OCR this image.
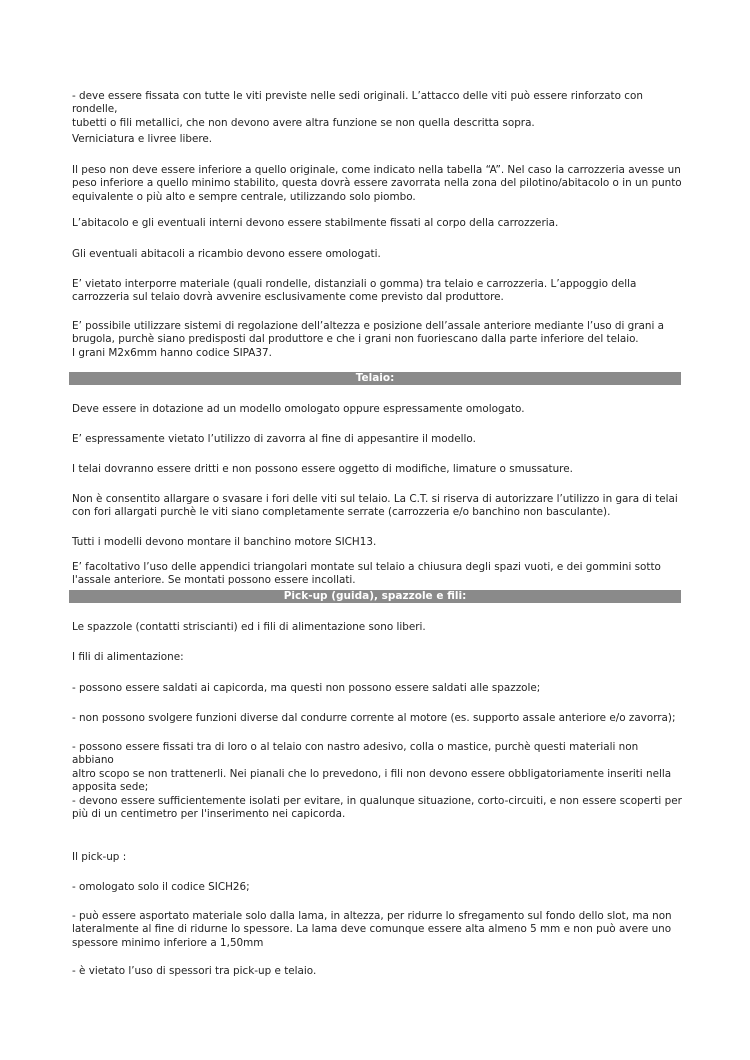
- deve essere fissata con tutte le viti previste nelle sedi originali. L’attacco delle viti può essere rinforzato con rondelle,
tubetti o fili metallici, che non devono avere altra funzione se non quella descritta sopra.

Verniciatura e livree libere.

Il peso non deve essere inferiore a quello originale, come indicato nella tabella “A”. Nel caso la carrozzeria avesse un
peso inferiore a quello minimo stabilito, questa dovrà essere zavorrata nella zona del pilotino/abitacolo o in un punto
equivalente o più alto e sempre centrale, utilizzando solo piombo.

L’abitacolo e gli eventuali interni devono essere stabilmente fissati al corpo della carrozzeria.

Gli eventuali abitacoli a ricambio devono essere omologati.

E’ vietato interporre materiale (quali rondelle, distanziali o gomma) tra telaio e carrozzeria. L’appoggio della
carrozzeria sul telaio dovrà avvenire esclusivamente come previsto dal produttore.

E’ possibile utilizzare sistemi di regolazione dell’altezza e posizione dell’assale anteriore mediante l’uso di grani a
brugola, purchè siano predisposti dal produttore e che i grani non fuoriescano dalla parte inferiore del telaio.
I grani M2x6mm hanno codice SIPA37.

Telaio:

Deve essere in dotazione ad un modello omologato oppure espressamente omologato.

E’ espressamente vietato l’utilizzo di zavorra al fine di appesantire il modello.

I telai dovranno essere dritti e non possono essere oggetto di modifiche, limature o smussature.

Non è consentito allargare o svasare i fori delle viti sul telaio. La C.T. si riserva di autorizzare l’utilizzo in gara di telai
con fori allargati purchè le viti siano completamente serrate (carrozzeria e/o banchino non basculante).

Tutti i modelli devono montare il banchino motore SICH13.

E’ facoltativo l’uso delle appendici triangolari montate sul telaio a chiusura degli spazi vuoti, e dei gommini sotto
l'assale anteriore. Se montati possono essere incollati.

Pick-up (guida), spazzole e fili:

Le spazzole (contatti striscianti) ed i fili di alimentazione sono liberi.

I fili di alimentazione:

- possono essere saldati ai capicorda, ma questi non possono essere saldati alle spazzole;

- non possono svolgere funzioni diverse dal condurre corrente al motore (es. supporto assale anteriore e/o zavorra);

- possono essere fissati tra di loro o al telaio con nastro adesivo, colla o mastice, purchè questi materiali non abbiano
altro scopo se non trattenerli. Nei pianali che lo prevedono, i fili non devono essere obbligatoriamente inseriti nella
apposita sede;

- devono essere sufficientemente isolati per evitare, in qualunque situazione, corto-circuiti, e non essere scoperti per
più di un centimetro per l'inserimento nei capicorda.

Il pick-up :

- omologato solo il codice SICH26;

- può essere asportato materiale solo dalla lama, in altezza, per ridurre lo sfregamento sul fondo dello slot, ma non
lateralmente al fine di ridurne lo spessore. La lama deve comunque essere alta almeno 5 mm e non può avere uno
spessore minimo inferiore a 1,50mm

- è vietato l’uso di spessori tra pick-up e telaio.
